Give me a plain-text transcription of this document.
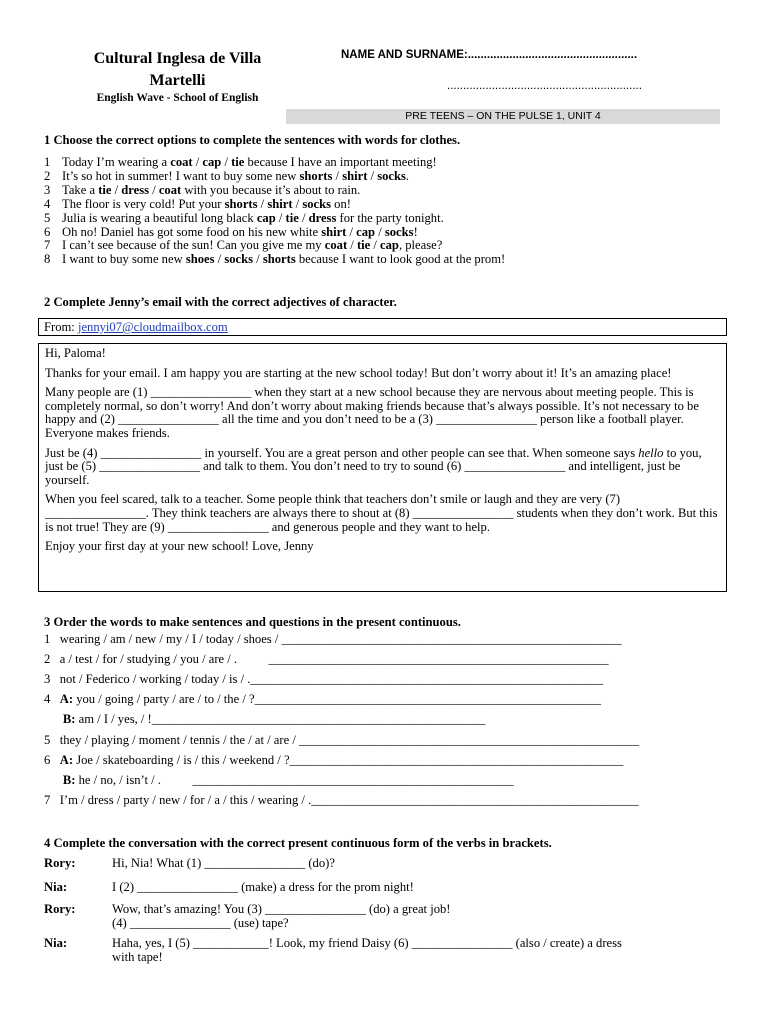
Cultural Inglesa de Villa
Martelli
English Wave - School of English
NAME AND SURNAME:.....................................................
.............................................................
PRE TEENS – ON THE PULSE 1, UNIT 4
1 Choose the correct options to complete the sentences with words for clothes.
1 Today I’m wearing a coat / cap / tie because I have an important meeting!
2 It’s so hot in summer! I want to buy some new shorts / shirt / socks.
3 Take a tie / dress / coat with you because it’s about to rain.
4 The floor is very cold! Put your shorts / shirt / socks on!
5 Julia is wearing a beautiful long black cap / tie / dress for the party tonight.
6 Oh no! Daniel has got some food on his new white shirt / cap / socks!
7 I can’t see because of the sun! Can you give me my coat / tie / cap, please?
8 I want to buy some new shoes / socks / shorts because I want to look good at the prom!
2 Complete Jenny’s email with the correct adjectives of character.
From: jennyi07@cloudmailbox.com

Hi, Paloma!

Thanks for your email. I am happy you are starting at the new school today! But don’t worry about it! It’s an amazing place!

Many people are (1) ________________ when they start at a new school because they are nervous about meeting people. This is completely normal, so don’t worry! And don’t worry about making friends because that’s always possible. It’s not necessary to be happy and (2) ________________ all the time and you don’t need to be a (3) ________________ person like a football player. Everyone makes friends.

Just be (4) ________________ in yourself. You are a great person and other people can see that. When someone says hello to you, just be (5) ________________ and talk to them. You don’t need to try to sound (6) ________________ and intelligent, just be yourself.

When you feel scared, talk to a teacher. Some people think that teachers don’t smile or laugh and they are very (7) ________________. They think teachers are always there to shout at (8) ________________ students when they don’t work. But this is not true! They are (9) ________________ and generous people and they want to help.

Enjoy your first day at your new school! Love, Jenny

3 Order the words to make sentences and questions in the present continuous.
1   wearing / am / new / my / I / today / shoes / ______________________________________________________
2   a / test / for / studying / you / are / .          ______________________________________________________
3   not / Federico / working / today / is / .________________________________________________________
4   A: you / going / party / are / to / the / ?_______________________________________________________
B: am / I / yes, / !_____________________________________________________
5   they / playing / moment / tennis / the / at / are / ______________________________________________________
6   A: Joe / skateboarding / is / this / weekend / ?_____________________________________________________
B: he / no, / isn’t / .          ___________________________________________________
7   I’m / dress / party / new / for / a / this / wearing / .____________________________________________________
4 Complete the conversation with the correct present continuous form of the verbs in brackets.
Rory:	Hi, Nia! What (1) ________________ (do)?
Nia:	I (2) ________________ (make) a dress for the prom night!
Rory:	Wow, that’s amazing! You (3) ________________ (do) a great job!
(4) ________________ (use) tape?
Nia:	Haha, yes, I (5) ____________! Look, my friend Daisy (6) ________________ (also / create) a dress
with tape!
